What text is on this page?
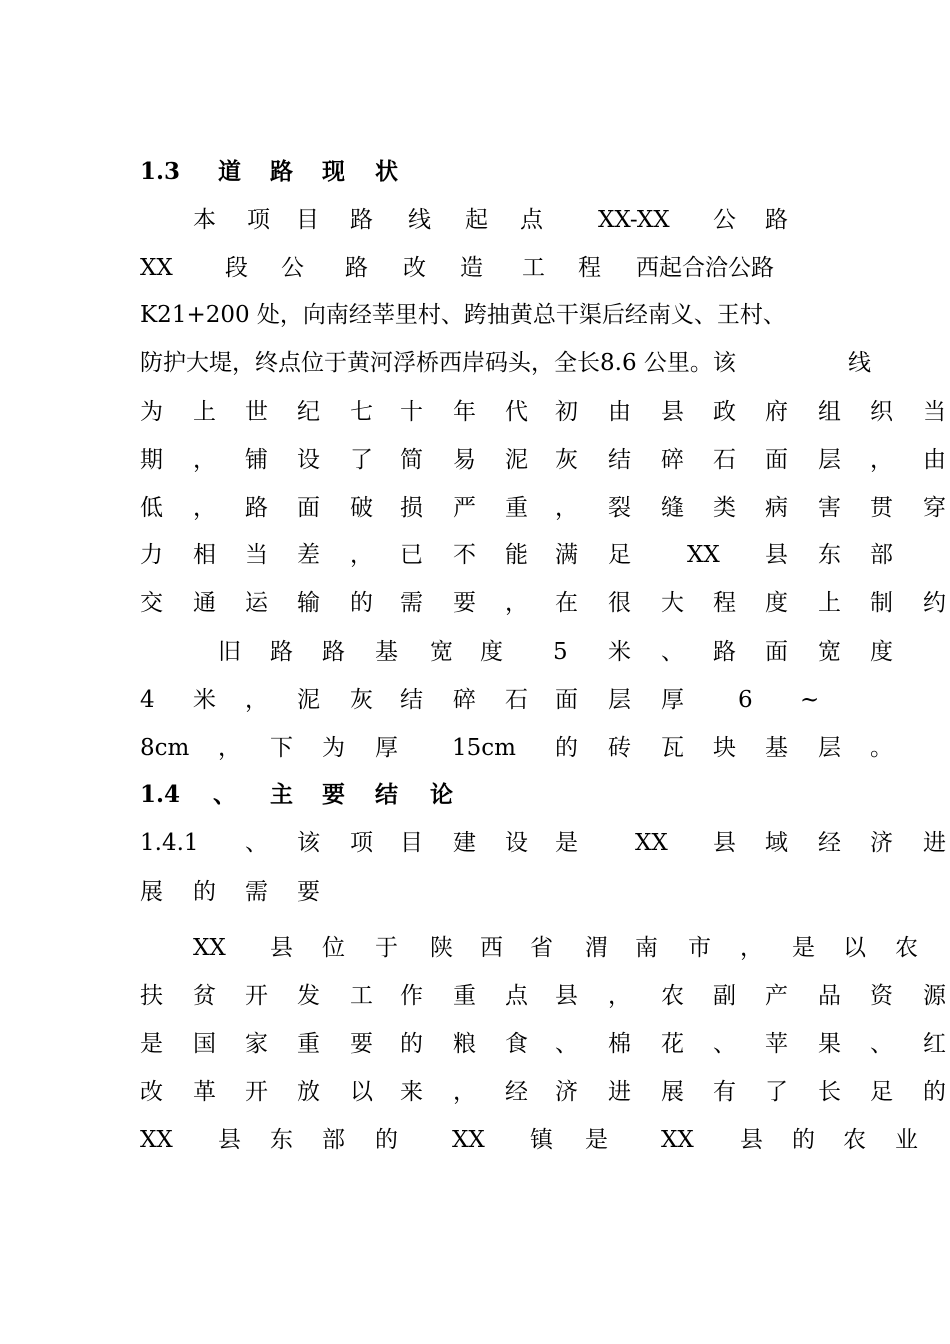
1.3 道 路 现 状
本 项 目 路 线 起 点 XX-XX 公 路
XX 段 公 路 改 造 工 程 西起合洽公路
K21+200 处，向南经莘里村、跨抽黄总干渠后经南义、王村、
防护大堤，终点位于黄河浮桥西岸码头，全长8.6 公里。该	线
为 上 世 纪 七 十 年 代 初 由 县 政 府 组 织 当
期 ， 铺 设 了 简 易 泥 灰 结 碎 石 面 层 ， 由
低 ， 路 面 破 损 严 重 ， 裂 缝 类 病 害 贯 穿
力 相 当 差 ， 已 不 能 满 足 XX 县 东 部
交 通 运 输 的 需 要 ， 在 很 大 程 度 上 制 约
旧 路 路 基 宽 度 5 米 、 路 面 宽 度
4 米 ， 泥 灰 结 碎 石 面 层 厚 6 ~
8cm ， 下 为 厚 15cm 的 砖 瓦 块 基 层 。
1.4 、 主 要 结 论
1.4.1 、 该 项 目 建 设 是 XX 县 域 经 济 进
展 的 需 要
XX 县 位 于 陕 西 省 渭 南 市 ， 是 以 农
扶 贫 开 发 工 作 重 点 县 ， 农 副 产 品 资 源
是 国 家 重 要 的 粮 食 、 棉 花 、 苹 果 、 红
改 革 开 放 以 来 ， 经 济 进 展 有 了 长 足 的
XX 县 东 部 的 XX 镇 是 XX 县 的 农 业
